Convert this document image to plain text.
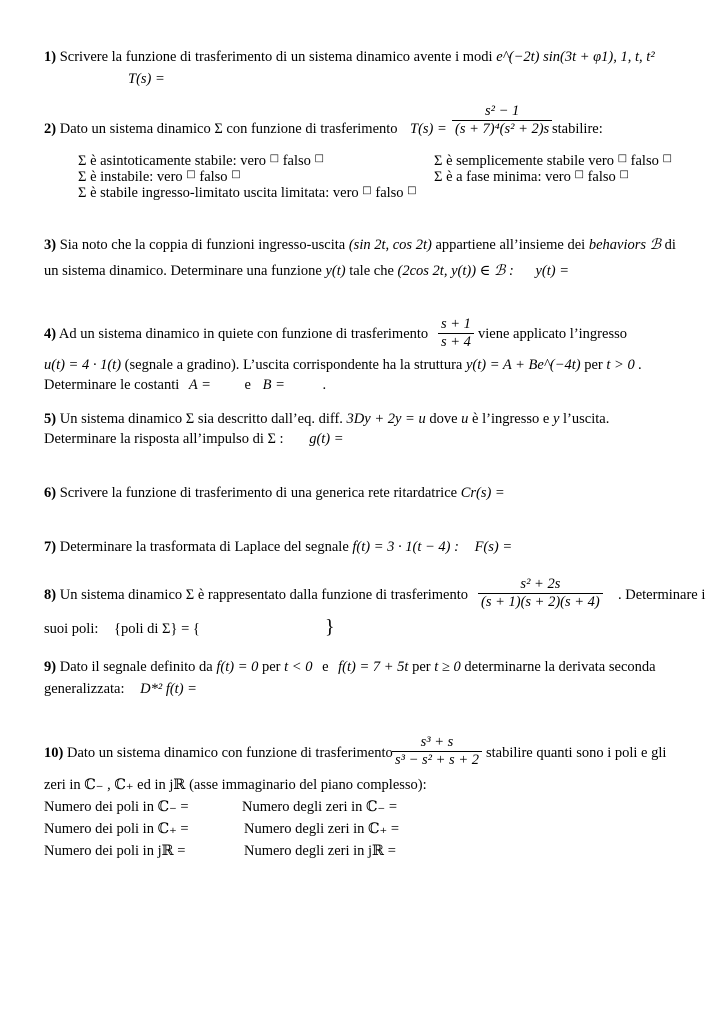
1) Scrivere la funzione di trasferimento di un sistema dinamico avente i modi e^(−2t) sin(3t + φ1), 1, t, t²
T(s) =
2) Dato un sistema dinamico Σ con funzione di trasferimento $T(s) = \frac{\text{s² − 1}}{\text{(s + 7)⁴(s² + 2)s}}$ stabilire:
Σ è asintoticamente stabile: vero □ falso □	Σ è semplicemente stabile vero □ falso □
Σ è instabile: vero □ falso □	Σ è a fase minima: vero □ falso □
Σ è stabile ingresso-limitato uscita limitata: vero □ falso □
3) Sia noto che la coppia di funzioni ingresso-uscita (sin 2t, cos 2t) appartiene all’insieme dei behaviors ℬ di
un sistema dinamico. Determinare una funzione y(t) tale che (2cos 2t, y(t)) ∈ ℬ : y(t) =
4) Ad un sistema dinamico in quiete con funzione di trasferimento $\frac{s + 1}{s + 4}$ viene applicato l’ingresso
u(t) = 4 · 1(t) (segnale a gradino). L’uscita corrispondente ha la struttura y(t) = A + Be^(−4t) per t > 0 .
Determinare le costanti A = e B =	.
5) Un sistema dinamico Σ sia descritto dall’eq. diff. 3Dy + 2y = u dove u è l’ingresso e y l’uscita.
Determinare la risposta all’impulso di Σ : g(t) =
6) Scrivere la funzione di trasferimento di una generica rete ritardatrice Cr(s) =
7) Determinare la trasformata di Laplace del segnale f(t) = 3 · 1(t − 4) : F(s) =
8) Un sistema dinamico Σ è rappresentato dalla funzione di trasferimento $\frac{\text{s² + 2s}}{(s + 1)(s + 2)(s + 4)}$ . Determinare i
suoi poli: {poli di Σ} = {	}
9) Dato il segnale definito da f(t) = 0 per t < 0 e f(t) = 7 + 5t per t ≥ 0 determinarne la derivata seconda
generalizzata: D*² f(t) =
10) Dato un sistema dinamico con funzione di trasferimento $\frac{\text{s³ + s}}{\text{s³ − s² + s + 2}}$ stabilire quanti sono i poli e gli
zeri in ℂ₋ , ℂ₊ ed in jℝ (asse immaginario del piano complesso):
Numero dei poli in ℂ₋ =	Numero degli zeri in ℂ₋ =
Numero dei poli in ℂ₊ =	Numero degli zeri in ℂ₊ =
Numero dei poli in jℝ =	Numero degli zeri in jℝ =
